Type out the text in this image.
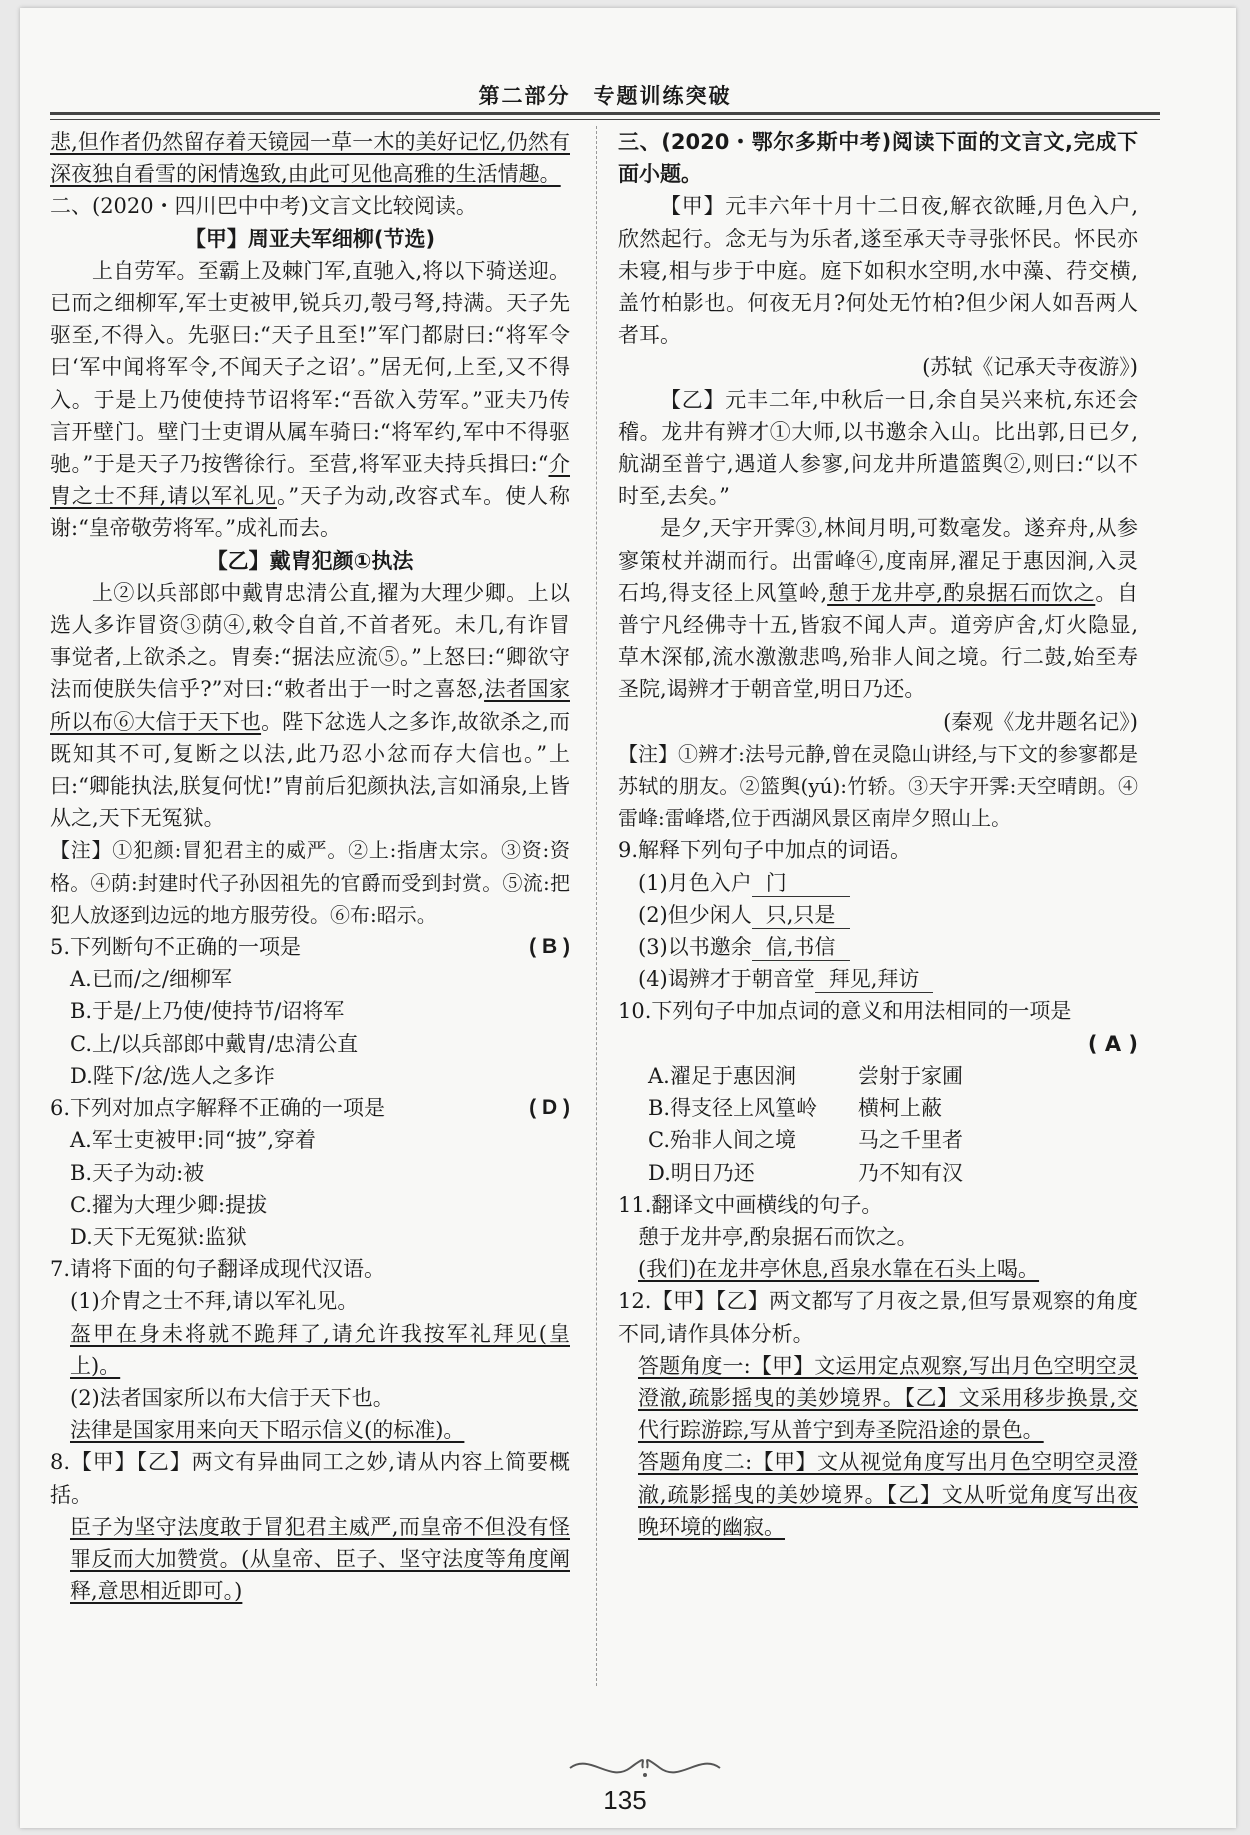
第二部分　专题训练突破

悲,但作者仍然留存着天镜园一草一木的美好记忆,仍然有深夜独自看雪的闲情逸致,由此可见他高雅的生活情趣。

二、(2020・四川巴中中考)文言文比较阅读。

【甲】周亚夫军细柳(节选)

上自劳军。至霸上及棘门军,直驰入,将以下骑送迎。已而之细柳军,军士吏被甲,锐兵刃,彀弓弩,持满。天子先驱至,不得入。先驱曰:“天子且至!”军门都尉曰:“将军令曰‘军中闻将军令,不闻天子之诏’。”居无何,上至,又不得入。于是上乃使使持节诏将军:“吾欲入劳军。”亚夫乃传言开壁门。壁门士吏谓从属车骑曰:“将军约,军中不得驱驰。”于是天子乃按辔徐行。至营,将军亚夫持兵揖曰:“介胄之士不拜,请以军礼见。”天子为动,改容式车。使人称谢:“皇帝敬劳将军。”成礼而去。

【乙】戴胄犯颜①执法

上②以兵部郎中戴胄忠清公直,擢为大理少卿。上以选人多诈冒资③荫④,敕令自首,不首者死。未几,有诈冒事觉者,上欲杀之。胄奏:“据法应流⑤。”上怒曰:“卿欲守法而使朕失信乎?”对曰:“敕者出于一时之喜怒,法者国家所以布⑥大信于天下也。陛下忿选人之多诈,故欲杀之,而既知其不可,复断之以法,此乃忍小忿而存大信也。”上曰:“卿能执法,朕复何忧!”胄前后犯颜执法,言如涌泉,上皆从之,天下无冤狱。

【注】①犯颜:冒犯君主的威严。②上:指唐太宗。③资:资格。④荫:封建时代子孙因祖先的官爵而受到封赏。⑤流:把犯人放逐到边远的地方服劳役。⑥布:昭示。

5.下列断句不正确的一项是	( B )

A.已而/之/细柳军

B.于是/上乃使/使持节/诏将军

C.上/以兵部郎中戴胄/忠清公直

D.陛下/忿/选人之多诈

6.下列对加点字解释不正确的一项是	( D )

A.军士吏被甲:同“披”,穿着

B.天子为动:被

C.擢为大理少卿:提拔

D.天下无冤狱:监狱

7.请将下面的句子翻译成现代汉语。

(1)介胄之士不拜,请以军礼见。

盔甲在身未将就不跪拜了,请允许我按军礼拜见(皇上)。

(2)法者国家所以布大信于天下也。

法律是国家用来向天下昭示信义(的标准)。

8.【甲】【乙】两文有异曲同工之妙,请从内容上简要概括。

臣子为坚守法度敢于冒犯君主威严,而皇帝不但没有怪罪反而大加赞赏。(从皇帝、臣子、坚守法度等角度阐释,意思相近即可。)

三、(2020・鄂尔多斯中考)阅读下面的文言文,完成下面小题。

【甲】元丰六年十月十二日夜,解衣欲睡,月色入户,欣然起行。念无与为乐者,遂至承天寺寻张怀民。怀民亦未寝,相与步于中庭。庭下如积水空明,水中藻、荇交横,盖竹柏影也。何夜无月?何处无竹柏?但少闲人如吾两人者耳。

(苏轼《记承天寺夜游》)

【乙】元丰二年,中秋后一日,余自吴兴来杭,东还会稽。龙井有辨才①大师,以书邀余入山。比出郭,日已夕,航湖至普宁,遇道人参寥,问龙井所遣篮舆②,则曰:“以不时至,去矣。”

是夕,天宇开霁③,林间月明,可数毫发。遂弃舟,从参寥策杖并湖而行。出雷峰④,度南屏,濯足于惠因涧,入灵石坞,得支径上风篁岭,憩于龙井亭,酌泉据石而饮之。自普宁凡经佛寺十五,皆寂不闻人声。道旁庐舍,灯火隐显,草木深郁,流水激激悲鸣,殆非人间之境。行二鼓,始至寿圣院,谒辨才于朝音堂,明日乃还。

(秦观《龙井题名记》)

【注】①辨才:法号元静,曾在灵隐山讲经,与下文的参寥都是苏轼的朋友。②篮舆(yú):竹轿。③天宇开霁:天空晴朗。④雷峰:雷峰塔,位于西湖风景区南岸夕照山上。

9.解释下列句子中加点的词语。

(1)月色入户 门

(2)但少闲人 只,只是

(3)以书邀余 信,书信

(4)谒辨才于朝音堂 拜见,拜访

10.下列句子中加点词的意义和用法相同的一项是

( A )

A.濯足于惠因涧	尝射于家圃

B.得支径上风篁岭	横柯上蔽

C.殆非人间之境	马之千里者

D.明日乃还	乃不知有汉

11.翻译文中画横线的句子。

憩于龙井亭,酌泉据石而饮之。

(我们)在龙井亭休息,舀泉水靠在石头上喝。

12.【甲】【乙】两文都写了月夜之景,但写景观察的角度不同,请作具体分析。

答题角度一:【甲】文运用定点观察,写出月色空明空灵澄澈,疏影摇曳的美妙境界。【乙】文采用移步换景,交代行踪游踪,写从普宁到寿圣院沿途的景色。

答题角度二:【甲】文从视觉角度写出月色空明空灵澄澈,疏影摇曳的美妙境界。【乙】文从听觉角度写出夜晚环境的幽寂。

135
